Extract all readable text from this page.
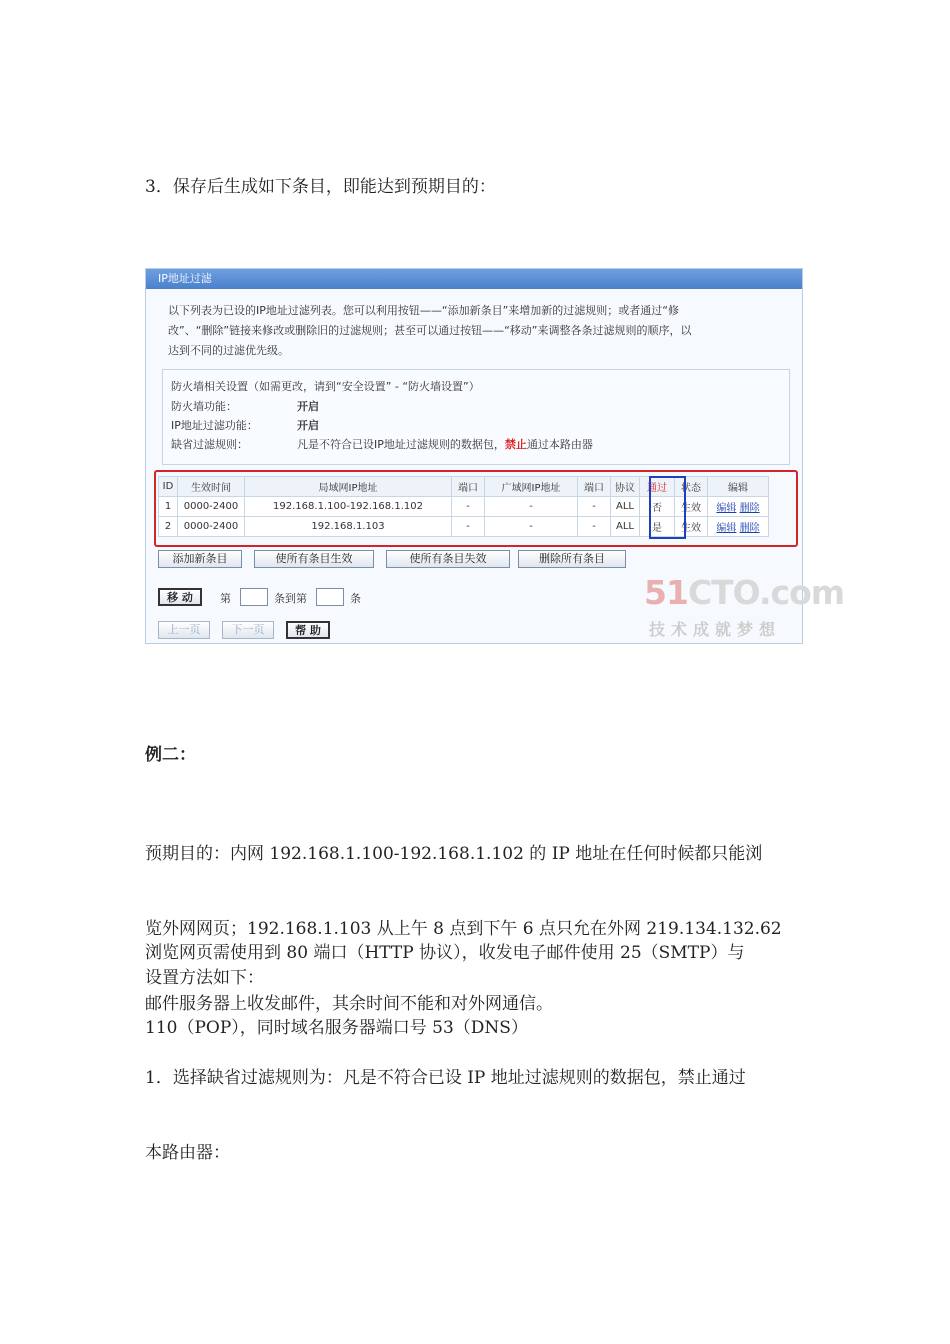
3．保存后生成如下条目，即能达到预期目的：
IP地址过滤
以下列表为已设的IP地址过滤列表。您可以利用按钮——“添加新条目”来增加新的过滤规则；或者通过“修
改”、“删除”链接来修改或删除旧的过滤规则；甚至可以通过按钮——“移动”来调整各条过滤规则的顺序，以
达到不同的过滤优先级。
防火墙相关设置（如需更改，请到“安全设置” - “防火墙设置”）
防火墙功能：	开启
IP地址过滤功能：	开启
缺省过滤规则：	凡是不符合已设IP地址过滤规则的数据包，禁止通过本路由器
ID	生效时间	局域网IP地址	端口	广域网IP地址	端口	协议	通过	状态	编辑
1	0000-2400	192.168.1.100-192.168.1.102	-	-	-	ALL	否	生效	编辑 删除
2	0000-2400	192.168.1.103	-	-	-	ALL	是	生效	编辑 删除
添加新条目	使所有条目生效	使所有条目失效	删除所有条目
移 动	第	条到第	条
上一页	下一页	帮 助
51CTO.com
技术成就梦想
例二：

预期目的：内网 192.168.1.100-192.168.1.102 的 IP 地址在任何时候都只能浏

览外网网页；192.168.1.103 从上午 8 点到下午 6 点只允在外网 219.134.132.62

邮件服务器上收发邮件，其余时间不能和对外网通信。

浏览网页需使用到 80 端口（HTTP 协议），收发电子邮件使用 25（SMTP）与

110（POP），同时域名服务器端口号 53（DNS）

设置方法如下：

1．选择缺省过滤规则为：凡是不符合已设 IP 地址过滤规则的数据包，禁止通过

本路由器：
